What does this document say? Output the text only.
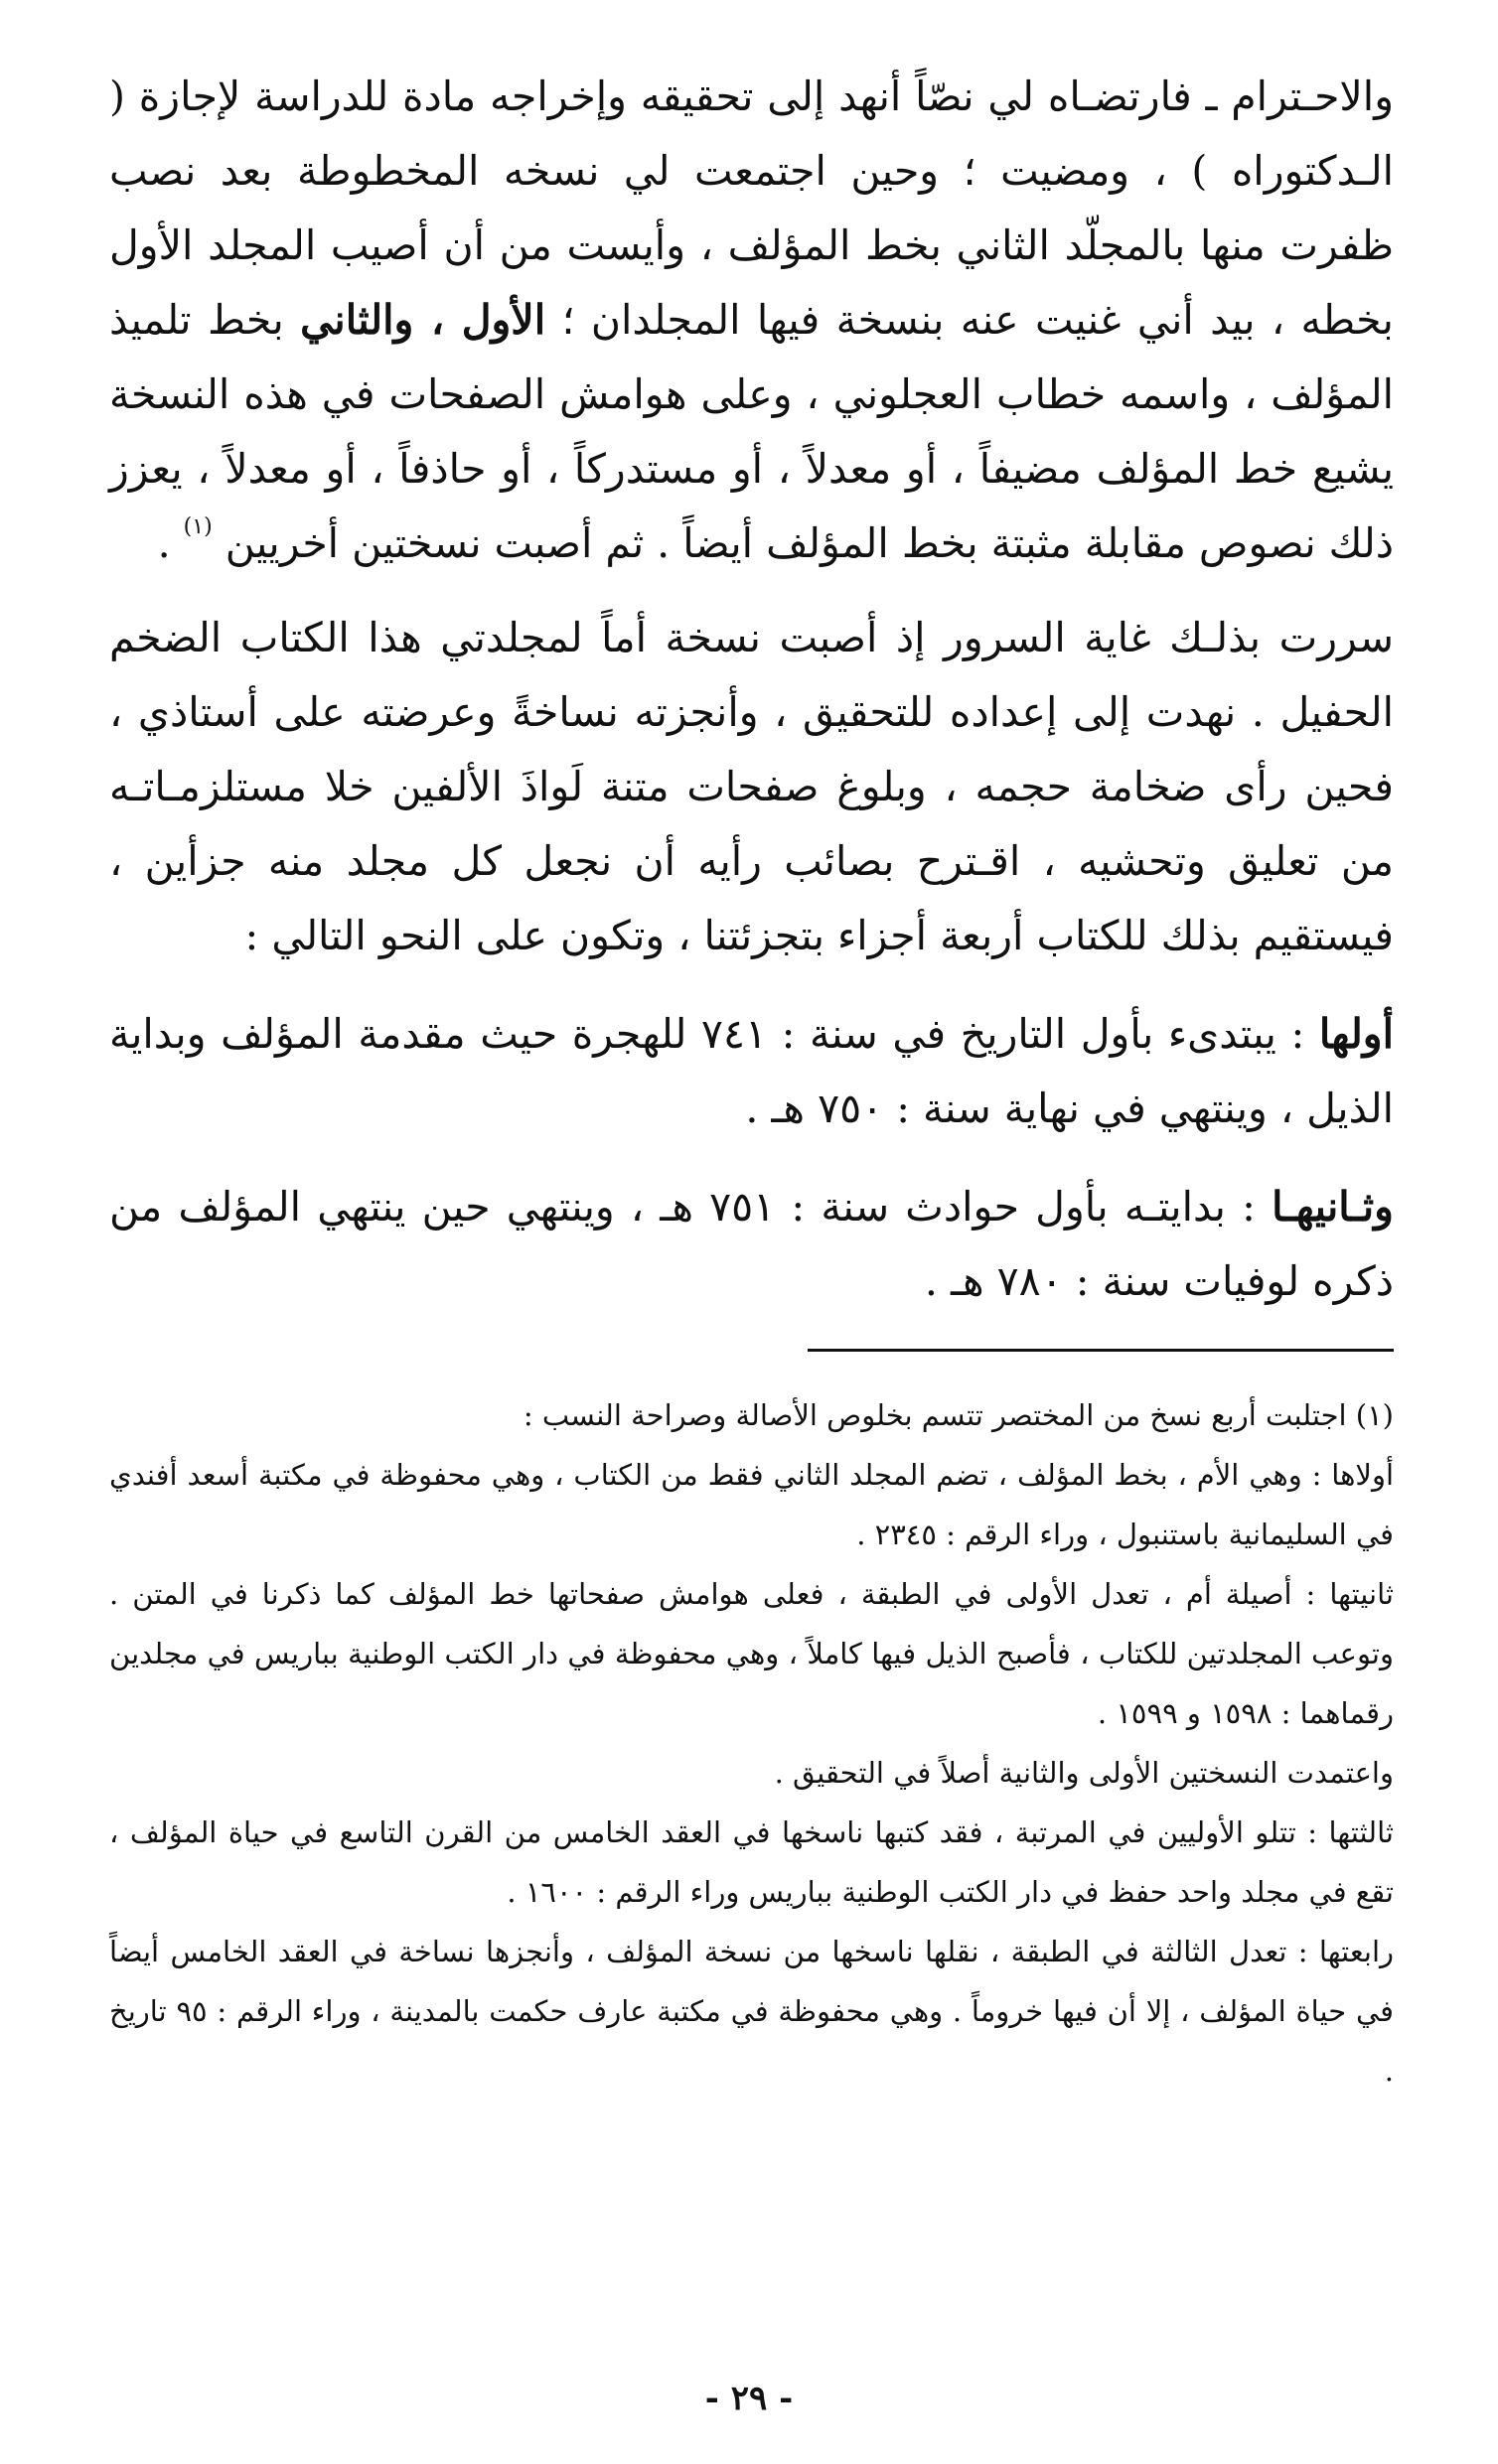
والاحـترام ـ فارتضـاه لي نصّاً أنهد إلى تحقيقه وإخراجه مادة للدراسة لإجازة ( الـدكتوراه ) ، ومضيت ؛ وحين اجتمعت لي نسخه المخطوطة بعد نصب ظفرت منها بالمجلّد الثاني بخط المؤلف ، وأيست من أن أصيب المجلد الأول بخطه ، بيد أني غنيت عنه بنسخة فيها المجلدان ؛ الأول ، والثاني بخط تلميذ المؤلف ، واسمه خطاب العجلوني ، وعلى هوامش الصفحات في هذه النسخة يشيع خط المؤلف مضيفاً ، أو معدلاً ، أو مستدركاً ، أو حاذفاً ، أو معدلاً ، يعزز ذلك نصوص مقابلة مثبتة بخط المؤلف أيضاً . ثم أصبت نسختين أخريين $^{(١)}$ .

سررت بذلـك غاية السرور إذ أصبت نسخة أماً لمجلدتي هذا الكتاب الضخم الحفيل . نهدت إلى إعداده للتحقيق ، وأنجزته نساخةً وعرضته على أستاذي ، فحين رأى ضخامة حجمه ، وبلوغ صفحات متنة لَواذَ الألفين خلا مستلزمـاتـه من تعليق وتحشيه ، اقـترح بصائب رأيه أن نجعل كل مجلد منه جزأين ، فيستقيم بذلك للكتاب أربعة أجزاء بتجزئتنا ، وتكون على النحو التالي :

أولها : يبتدىء بأول التاريخ في سنة : ٧٤١ للهجرة حيث مقدمة المؤلف وبداية الذيل ، وينتهي في نهاية سنة : ٧٥٠ هـ .

وثـانيهـا : بدايتـه بأول حوادث سنة : ٧٥١ هـ ، وينتهي حين ينتهي المؤلف من ذكره لوفيات سنة : ٧٨٠ هـ .

(١) اجتلبت أربع نسخ من المختصر تتسم بخلوص الأصالة وصراحة النسب :

أولاها : وهي الأم ، بخط المؤلف ، تضم المجلد الثاني فقط من الكتاب ، وهي محفوظة في مكتبة أسعد أفندي في السليمانية باستنبول ، وراء الرقم : ٢٣٤٥ .

ثانيتها : أصيلة أم ، تعدل الأولى في الطبقة ، فعلى هوامش صفحاتها خط المؤلف كما ذكرنا في المتن . وتوعب المجلدتين للكتاب ، فأصبح الذيل فيها كاملاً ، وهي محفوظة في دار الكتب الوطنية بباريس في مجلدين رقماهما : ١٥٩٨ و ١٥٩٩ .

واعتمدت النسختين الأولى والثانية أصلاً في التحقيق .

ثالثتها : تتلو الأوليين في المرتبة ، فقد كتبها ناسخها في العقد الخامس من القرن التاسع في حياة المؤلف ، تقع في مجلد واحد حفظ في دار الكتب الوطنية بباريس وراء الرقم : ١٦٠٠ .

رابعتها : تعدل الثالثة في الطبقة ، نقلها ناسخها من نسخة المؤلف ، وأنجزها نساخة في العقد الخامس أيضاً في حياة المؤلف ، إلا أن فيها خروماً . وهي محفوظة في مكتبة عارف حكمت بالمدينة ، وراء الرقم : ٩٥ تاريخ .

- ٢٩ -
